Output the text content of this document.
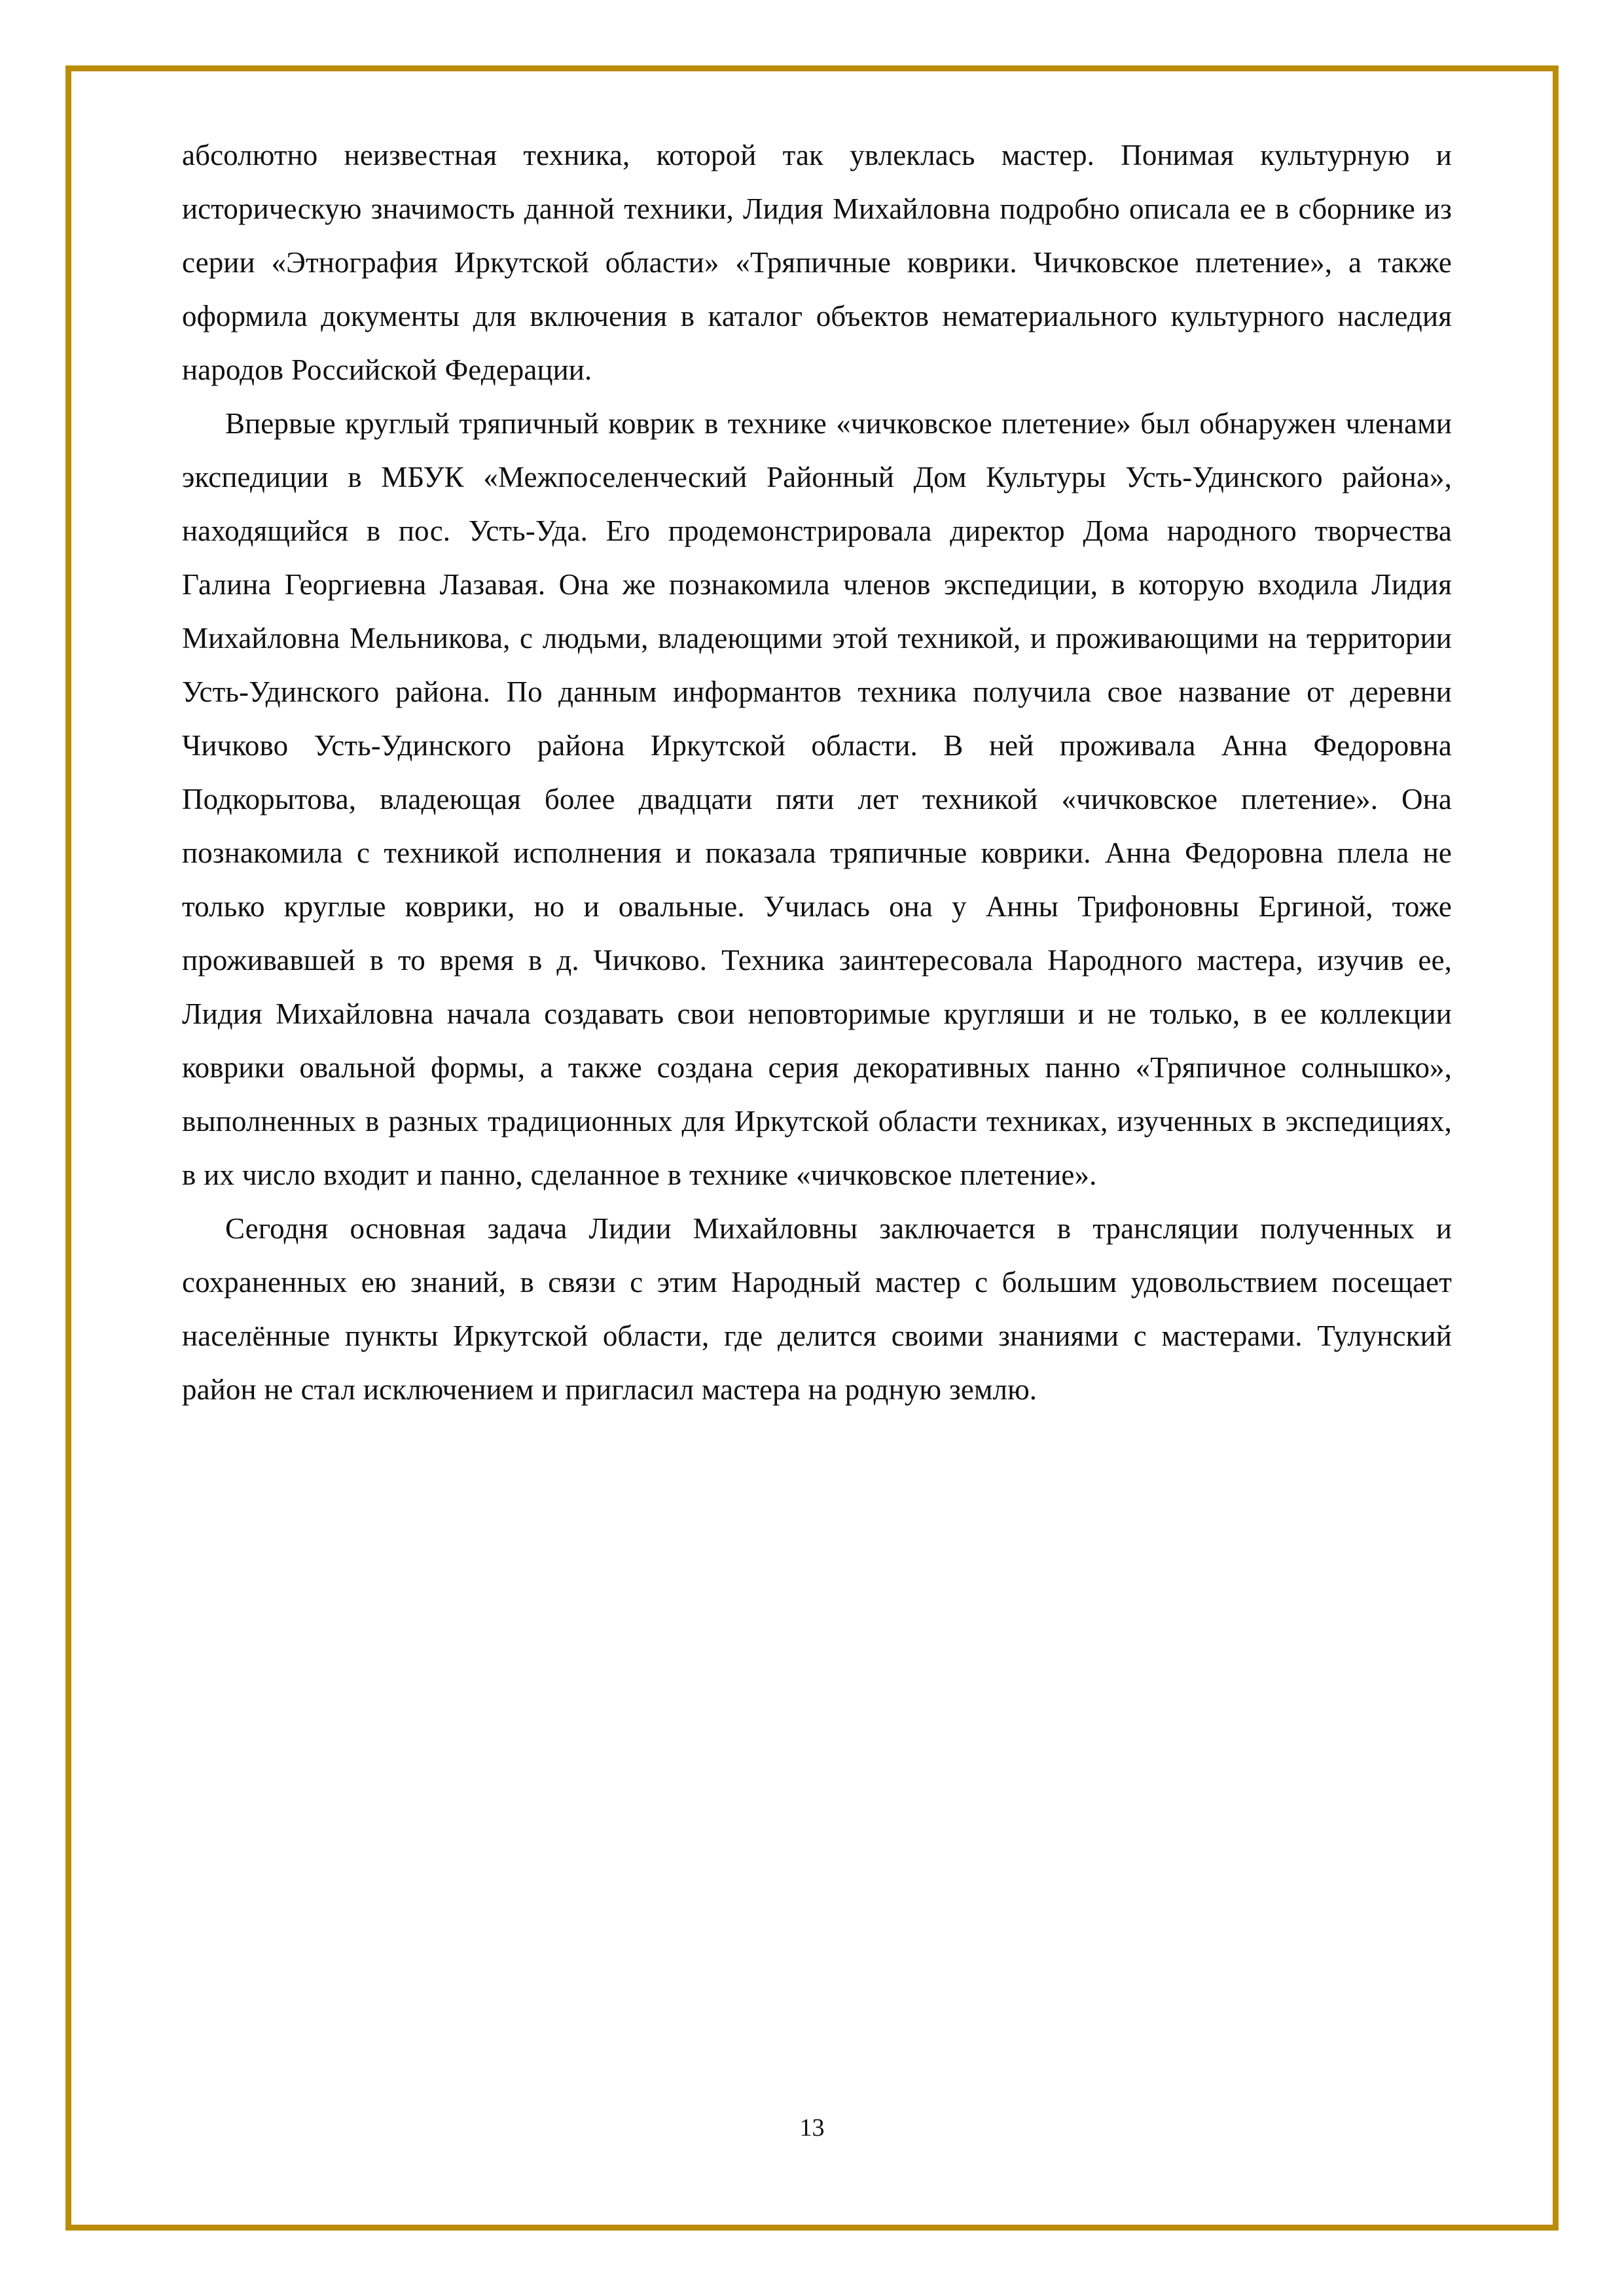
абсолютно неизвестная техника, которой так увлеклась мастер. Понимая культурную и историческую значимость данной техники, Лидия Михайловна подробно описала ее в сборнике из серии «Этнография Иркутской области» «Тряпичные коврики. Чичковское плетение», а также оформила документы для включения в каталог объектов нематериального культурного наследия народов Российской Федерации.

Впервые круглый тряпичный коврик в технике «чичковское плетение» был обнаружен членами экспедиции в МБУК «Межпоселенческий Районный Дом Культуры Усть-Удинского района», находящийся в пос. Усть-Уда. Его продемонстрировала директор Дома народного творчества Галина Георгиевна Лазавая. Она же познакомила членов экспедиции, в которую входила Лидия Михайловна Мельникова, с людьми, владеющими этой техникой, и проживающими на территории Усть-Удинского района. По данным информантов техника получила свое название от деревни Чичково Усть-Удинского района Иркутской области. В ней проживала Анна Федоровна Подкорытова, владеющая более двадцати пяти лет техникой «чичковское плетение». Она познакомила с техникой исполнения и показала тряпичные коврики. Анна Федоровна плела не только круглые коврики, но и овальные. Училась она у Анны Трифоновны Ергиной, тоже проживавшей в то время в д. Чичково. Техника заинтересовала Народного мастера, изучив ее, Лидия Михайловна начала создавать свои неповторимые кругляши и не только, в ее коллекции коврики овальной формы, а также создана серия декоративных панно «Тряпичное солнышко», выполненных в разных традиционных для Иркутской области техниках, изученных в экспедициях, в их число входит и панно, сделанное в технике «чичковское плетение».

Сегодня основная задача Лидии Михайловны заключается в трансляции полученных и сохраненных ею знаний, в связи с этим Народный мастер с большим удовольствием посещает населённые пункты Иркутской области, где делится своими знаниями с мастерами. Тулунский район не стал исключением и пригласил мастера на родную землю.

13
